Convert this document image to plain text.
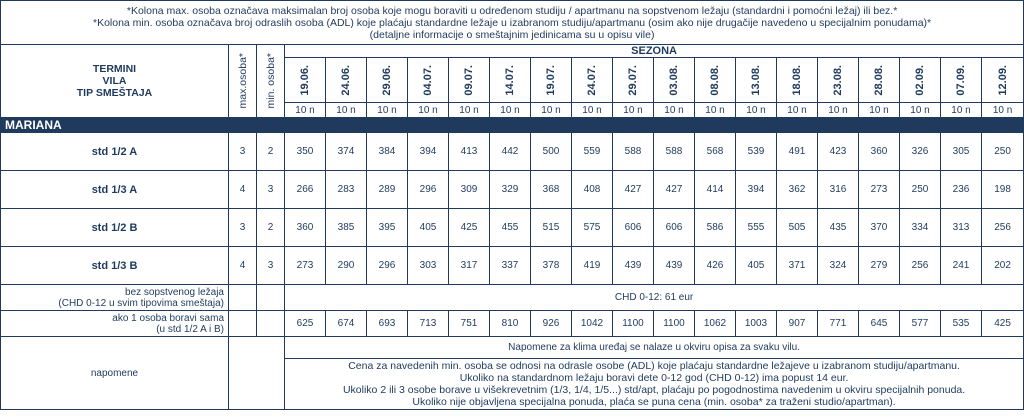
*Kolona max. osoba označava maksimalan broj osoba koje mogu boraviti u određenom studiju / apartmanu na sopstvenom ležaju (standardni i pomoćni ležaj) ili bez.*
*Kolona min. osoba označava broj odraslih osoba (ADL) koje plaćaju standardne ležaje u izabranom studiju/apartmanu (osim ako nije drugačije navedeno u specijalnim ponudama)*
(detaljne informacije o smeštajnim jedinicama su u opisu vile)																				

TERMINI
VILA
TIP SMEŠTAJA	max.osoba*	min. osoba*	SEZONA																	

			19.06.	24.06.	29.06.	04.07.	09.07.	14.07.	19.07.	24.07.	29.07.	03.08.	08.08.	13.08.	18.08.	23.08.	28.08.	02.09.	07.09.	12.09.

			10 n	10 n	10 n	10 n	10 n	10 n	10 n	10 n	10 n	10 n	10 n	10 n	10 n	10 n	10 n	10 n	10 n	10 n
MARIANA																				
std 1/2 A	3	2	350	374	384	394	413	442	500	559	588	588	568	539	491	423	360	326	305	250
std 1/3 A	4	3	266	283	289	296	309	329	368	408	427	427	414	394	362	316	273	250	236	198
std 1/2 B	3	2	360	385	395	405	425	455	515	575	606	606	586	555	505	435	370	334	313	256
std 1/3 B	4	3	273	290	296	303	317	337	378	419	439	439	426	405	371	324	279	256	241	202

bez sopstvenog ležaja
(CHD 0-12 u svim tipovima smeštaja)			CHD 0-12: 61 eur																	

ako 1 osoba boravi sama
(u std 1/2 A i B)			625	674	693	713	751	810	926	1042	1100	1100	1062	1003	907	771	645	577	535	425
napomene			Napomene za klima uređaj se nalaze u okviru opisa za svaku vilu.																	

			Cena za navedenih min. osoba se odnosi na odrasle osobe (ADL) koje plaćaju standardne ležajeve u izabranom studiju/apartmanu.
Ukoliko na standardnom ležaju boravi dete 0-12 god (CHD 0-12) ima popust 14 eur.
Ukoliko 2 ili 3 osobe borave u višekrevetnim (1/3, 1/4, 1/5...) std/apt, plaćaju po pogodnostima navedenim u okviru specijalnih ponuda.
Ukoliko nije objavljena specijalna ponuda, plaća se puna cena (min. osoba* za traženi studio/apartman).																	
